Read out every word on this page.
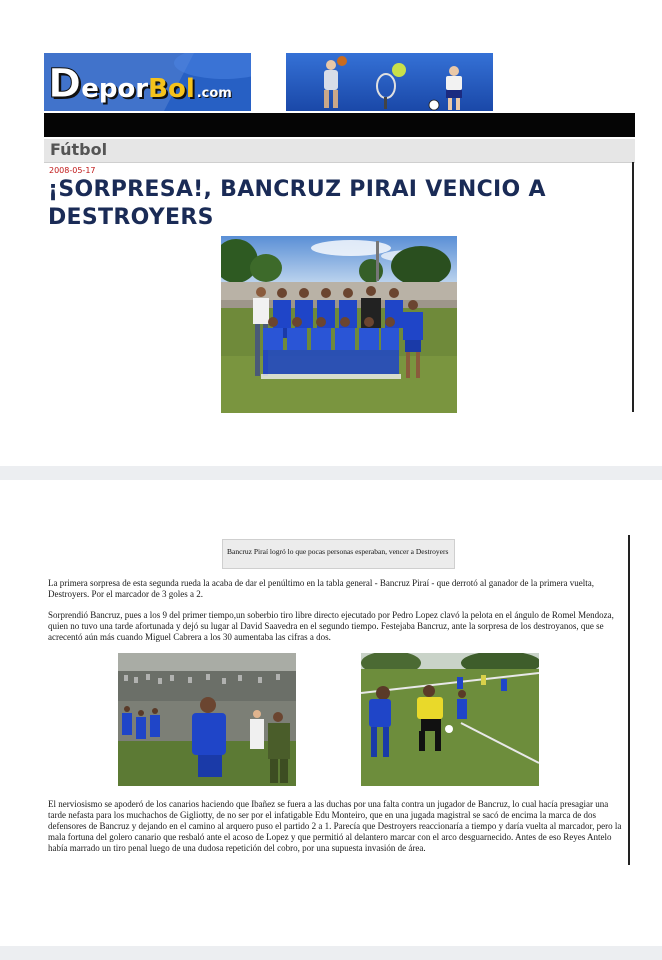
DeporBol .com
Fútbol
2008-05-17
¡SORPRESA!, BANCRUZ PIRAI VENCIO A DESTROYERS
Bancruz Piraí logró lo que pocas personas esperaban, vencer a Destroyers
La primera sorpresa de esta segunda rueda la acaba de dar el penúltimo en la tabla general - Bancruz Piraí - que derrotó al ganador de la primera vuelta, Destroyers. Por el marcador de 3 goles a 2.
Sorprendió Bancruz, pues a los 9 del primer tiempo,un soberbio tiro libre directo ejecutado por Pedro Lopez clavó la pelota en el ángulo de Romel Mendoza, quien no tuvo una tarde afortunada y dejó su lugar al David Saavedra en el segundo tiempo. Festejaba Bancruz, ante la sorpresa de los destroyanos, que se acrecentó aún más cuando Miguel Cabrera a los 30 aumentaba las cifras a dos.
El nerviosismo se apoderó de los canarios haciendo que Ibañez se fuera a las duchas por una falta contra un jugador de Bancruz, lo cual hacía presagiar una tarde nefasta para los muchachos de Gigliotty, de no ser por el infatigable Edu Monteiro, que en una jugada magistral se sacó de encima la marca de dos defensores de Bancruz y dejando en el camino al arquero puso el partido 2 a 1. Parecía que Destroyers reaccionaría a tiempo y daría vuelta al marcador, pero la mala fortuna del golero canario que resbaló ante el acoso de Lopez y que permitió al delantero marcar con el arco desguarnecido. Antes de eso Reyes Antelo había marrado un tiro penal luego de una dudosa repetición del cobro, por una supuesta invasión de área.
